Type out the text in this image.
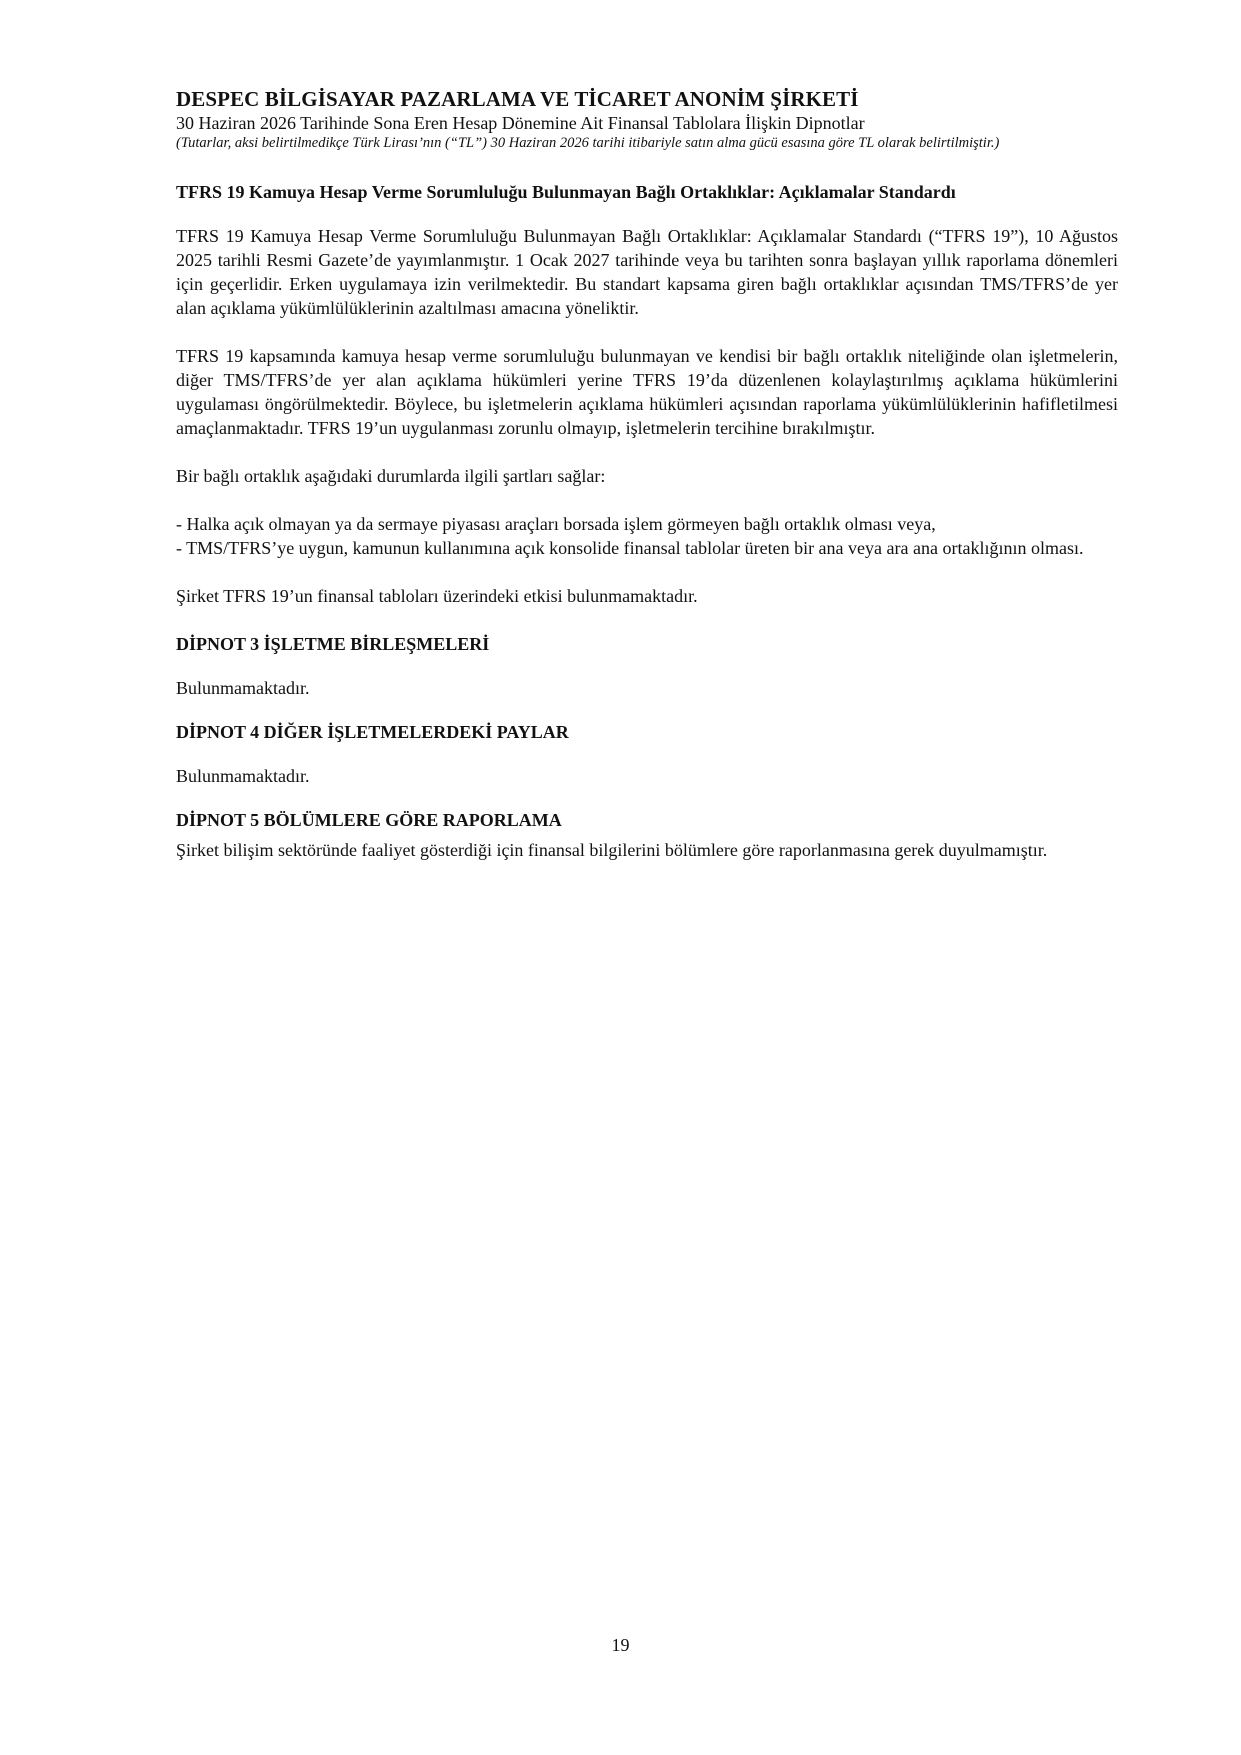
DESPEC BİLGİSAYAR PAZARLAMA VE TİCARET ANONİM ŞİRKETİ
30 Haziran 2026 Tarihinde Sona Eren Hesap Dönemine Ait Finansal Tablolara İlişkin Dipnotlar
(Tutarlar, aksi belirtilmedikçe Türk Lirası’nın (“TL”) 30 Haziran 2026 tarihi itibariyle satın alma gücü esasına göre TL olarak belirtilmiştir.)
TFRS 19 Kamuya Hesap Verme Sorumluluğu Bulunmayan Bağlı Ortaklıklar: Açıklamalar Standardı

TFRS 19 Kamuya Hesap Verme Sorumluluğu Bulunmayan Bağlı Ortaklıklar: Açıklamalar Standardı (“TFRS 19”), 10 Ağustos 2025 tarihli Resmi Gazete’de yayımlanmıştır. 1 Ocak 2027 tarihinde veya bu tarihten sonra başlayan yıllık raporlama dönemleri için geçerlidir. Erken uygulamaya izin verilmektedir. Bu standart kapsama giren bağlı ortaklıklar açısından TMS/TFRS’de yer alan açıklama yükümlülüklerinin azaltılması amacına yöneliktir.

TFRS 19 kapsamında kamuya hesap verme sorumluluğu bulunmayan ve kendisi bir bağlı ortaklık niteliğinde olan işletmelerin, diğer TMS/TFRS’de yer alan açıklama hükümleri yerine TFRS 19’da düzenlenen kolaylaştırılmış açıklama hükümlerini uygulaması öngörülmektedir. Böylece, bu işletmelerin açıklama hükümleri açısından raporlama yükümlülüklerinin hafifletilmesi amaçlanmaktadır. TFRS 19’un uygulanması zorunlu olmayıp, işletmelerin tercihine bırakılmıştır.

Bir bağlı ortaklık aşağıdaki durumlarda ilgili şartları sağlar:

- Halka açık olmayan ya da sermaye piyasası araçları borsada işlem görmeyen bağlı ortaklık olması veya,

- TMS/TFRS’ye uygun, kamunun kullanımına açık konsolide finansal tablolar üreten bir ana veya ara ana ortaklığının olması.

Şirket TFRS 19’un finansal tabloları üzerindeki etkisi bulunmamaktadır.

DİPNOT 3 İŞLETME BİRLEŞMELERİ

Bulunmamaktadır.

DİPNOT 4 DİĞER İŞLETMELERDEKİ PAYLAR

Bulunmamaktadır.

DİPNOT 5 BÖLÜMLERE GÖRE RAPORLAMA

Şirket bilişim sektöründe faaliyet gösterdiği için finansal bilgilerini bölümlere göre raporlanmasına gerek duyulmamıştır.

19
